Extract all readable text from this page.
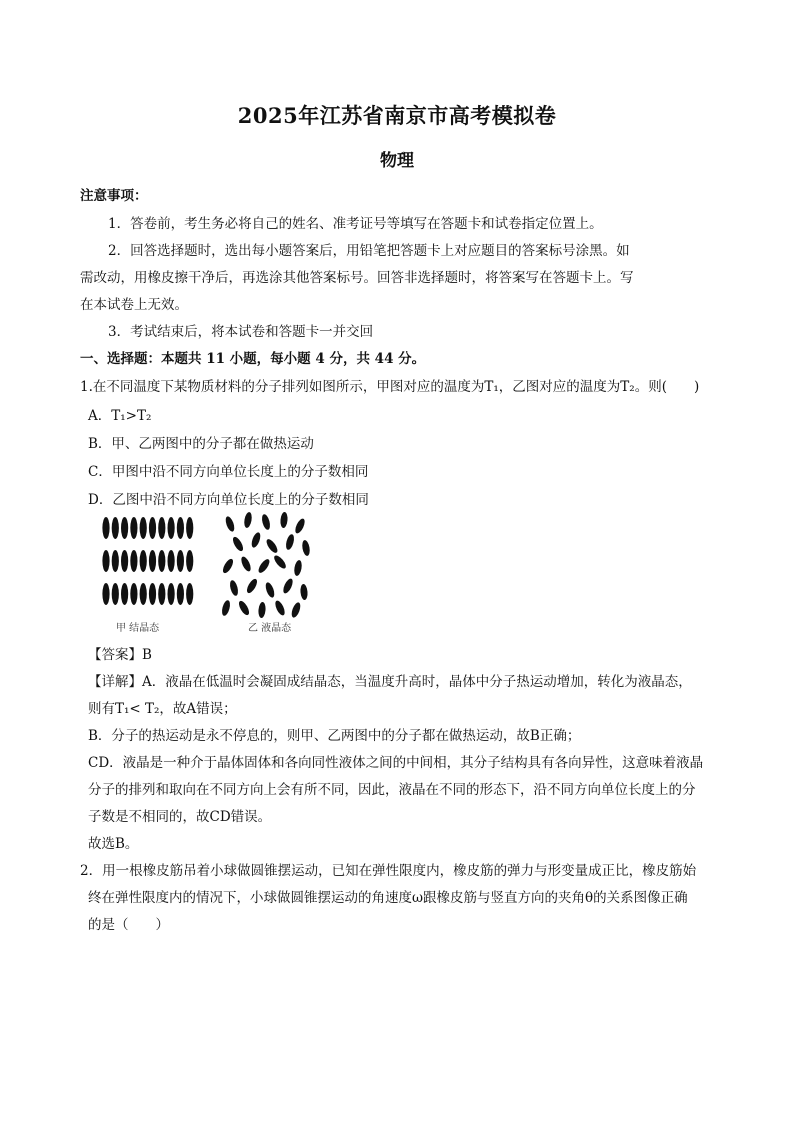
2025年江苏省南京市高考模拟卷
物理
注意事项：
1．答卷前，考生务必将自己的姓名、准考证号等填写在答题卡和试卷指定位置上。
2．回答选择题时，选出每小题答案后，用铅笔把答题卡上对应题目的答案标号涂黑。如
需改动，用橡皮擦干净后，再选涂其他答案标号。回答非选择题时，将答案写在答题卡上。写
在本试卷上无效。
3．考试结束后，将本试卷和答题卡一并交回
一、选择题：本题共 11 小题，每小题 4 分，共 44 分。
1.在不同温度下某物质材料的分子排列如图所示，甲图对应的温度为T₁，乙图对应的温度为T₂。则(　　)
A．T₁>T₂
B．甲、乙两图中的分子都在做热运动
C．甲图中沿不同方向单位长度上的分子数相同
D．乙图中沿不同方向单位长度上的分子数相同
甲 结晶态	乙 液晶态
【答案】B
【详解】A．液晶在低温时会凝固成结晶态，当温度升高时，晶体中分子热运动增加，转化为液晶态，
则有T₁< T₂，故A错误；
B．分子的热运动是永不停息的，则甲、乙两图中的分子都在做热运动，故B正确；
CD．液晶是一种介于晶体固体和各向同性液体之间的中间相，其分子结构具有各向异性，这意味着液晶
分子的排列和取向在不同方向上会有所不同，因此，液晶在不同的形态下，沿不同方向单位长度上的分
子数是不相同的，故CD错误。
故选B。
2．用一根橡皮筋吊着小球做圆锥摆运动，已知在弹性限度内，橡皮筋的弹力与形变量成正比，橡皮筋始
终在弹性限度内的情况下，小球做圆锥摆运动的角速度ω跟橡皮筋与竖直方向的夹角θ的关系图像正确
的是（　　）
